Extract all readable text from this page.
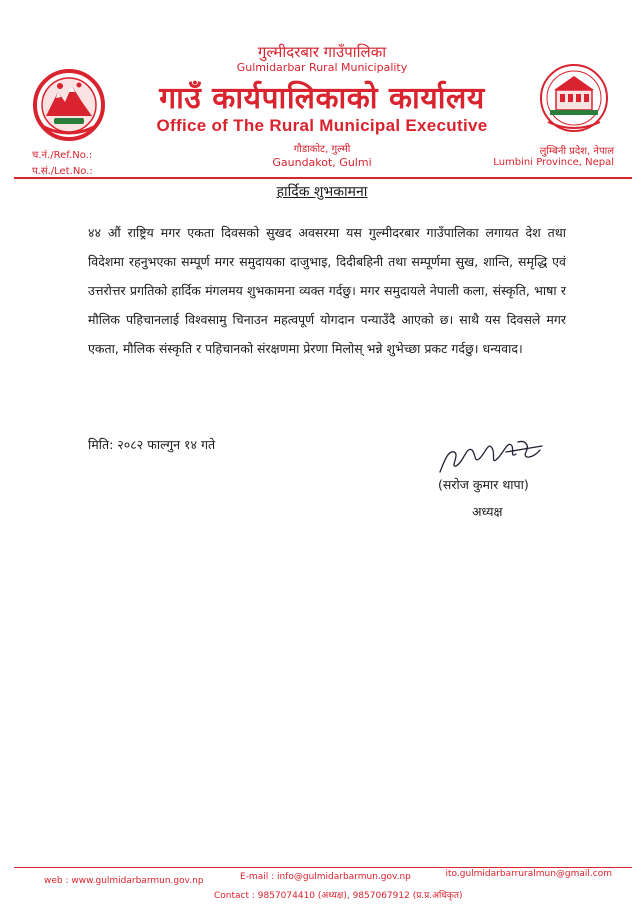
गुल्मीदरबार गाउँपालिका
Gulmidarbar Rural Municipality
गाउँ कार्यपालिकाको कार्यालय
Office of The Rural Municipal Executive
च.नं./Ref.No.:
प.सं./Let.No.:
गौडाकोट, गुल्मी
Gaundakot, Gulmi
लुम्बिनी प्रदेश, नेपाल
Lumbini Province, Nepal
हार्दिक शुभकामना
४४ औं राष्ट्रिय मगर एकता दिवसको सुखद अवसरमा यस गुल्मीदरबार गाउँपालिका लगायत देश तथा विदेशमा रहनुभएका सम्पूर्ण मगर समुदायका दाजुभाइ, दिदीबहिनी तथा सम्पूर्णमा सुख, शान्ति, समृद्धि एवं उत्तरोत्तर प्रगतिको हार्दिक मंगलमय शुभकामना व्यक्त गर्दछु। मगर समुदायले नेपाली कला, संस्कृति, भाषा र मौलिक पहिचानलाई विश्वसामु चिनाउन महत्वपूर्ण योगदान पन्याउँदै आएको छ। साथै यस दिवसले मगर एकता, मौलिक संस्कृति र पहिचानको संरक्षणमा प्रेरणा मिलोस् भन्ने शुभेच्छा प्रकट गर्दछु। धन्यवाद।
मिति: २०८२ फाल्गुन १४ गते
(सरोज कुमार थापा)
अध्यक्ष
web : www.gulmidarbarmun.gov.np	E-mail : info@gulmidarbarmun.gov.np	ito.gulmidarbarruralmun@gmail.com
Contact : 9857074410 (अध्यक्ष), 9857067912 (प्र.प्र.अधिकृत)
